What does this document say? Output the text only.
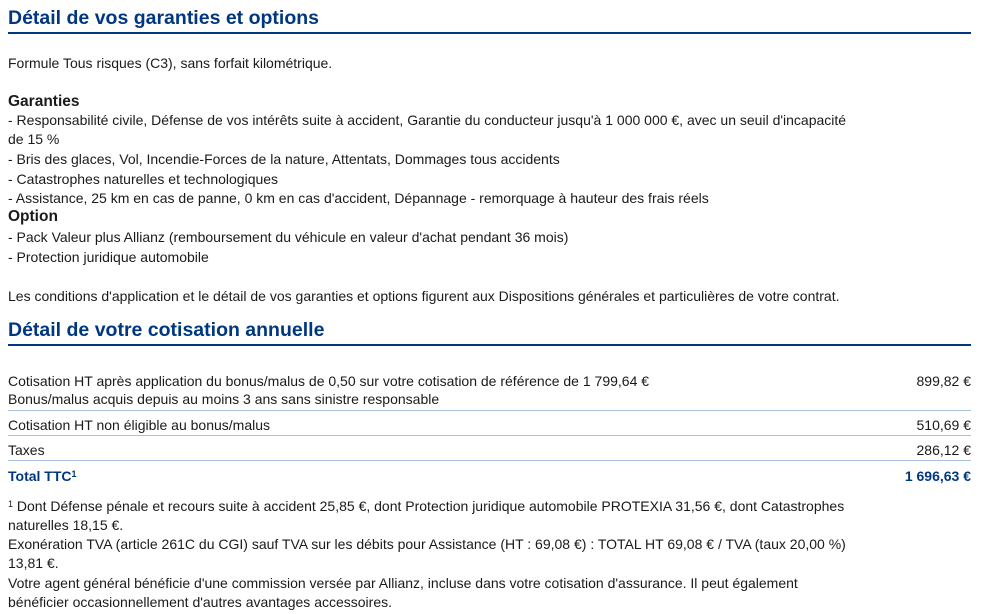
Détail de vos garanties et options
Formule Tous risques (C3), sans forfait kilométrique.
Garanties
- Responsabilité civile, Défense de vos intérêts suite à accident, Garantie du conducteur jusqu'à 1 000 000 €, avec un seuil d'incapacité
de 15 %
- Bris des glaces, Vol, Incendie-Forces de la nature, Attentats, Dommages tous accidents
- Catastrophes naturelles et technologiques
- Assistance, 25 km en cas de panne, 0 km en cas d'accident, Dépannage - remorquage à hauteur des frais réels
Option
- Pack Valeur plus Allianz (remboursement du véhicule en valeur d'achat pendant 36 mois)
- Protection juridique automobile
Les conditions d'application et le détail de vos garanties et options figurent aux Dispositions générales et particulières de votre contrat.
Détail de votre cotisation annuelle
Cotisation HT après application du bonus/malus de 0,50 sur votre cotisation de référence de 1 799,64 €
Bonus/malus acquis depuis au moins 3 ans sans sinistre responsable
899,82 €
Cotisation HT non éligible au bonus/malus	510,69 €
Taxes	286,12 €
Total TTC$^1$	1 696,63 €
$^1$ Dont Défense pénale et recours suite à accident 25,85 €, dont Protection juridique automobile PROTEXIA 31,56 €, dont Catastrophes
naturelles 18,15 €.
Exonération TVA (article 261C du CGI) sauf TVA sur les débits pour Assistance (HT : 69,08 €) : TOTAL HT 69,08 € / TVA (taux 20,00 %)
13,81 €.
Votre agent général bénéficie d'une commission versée par Allianz, incluse dans votre cotisation d'assurance. Il peut également
bénéficier occasionnellement d'autres avantages accessoires.
